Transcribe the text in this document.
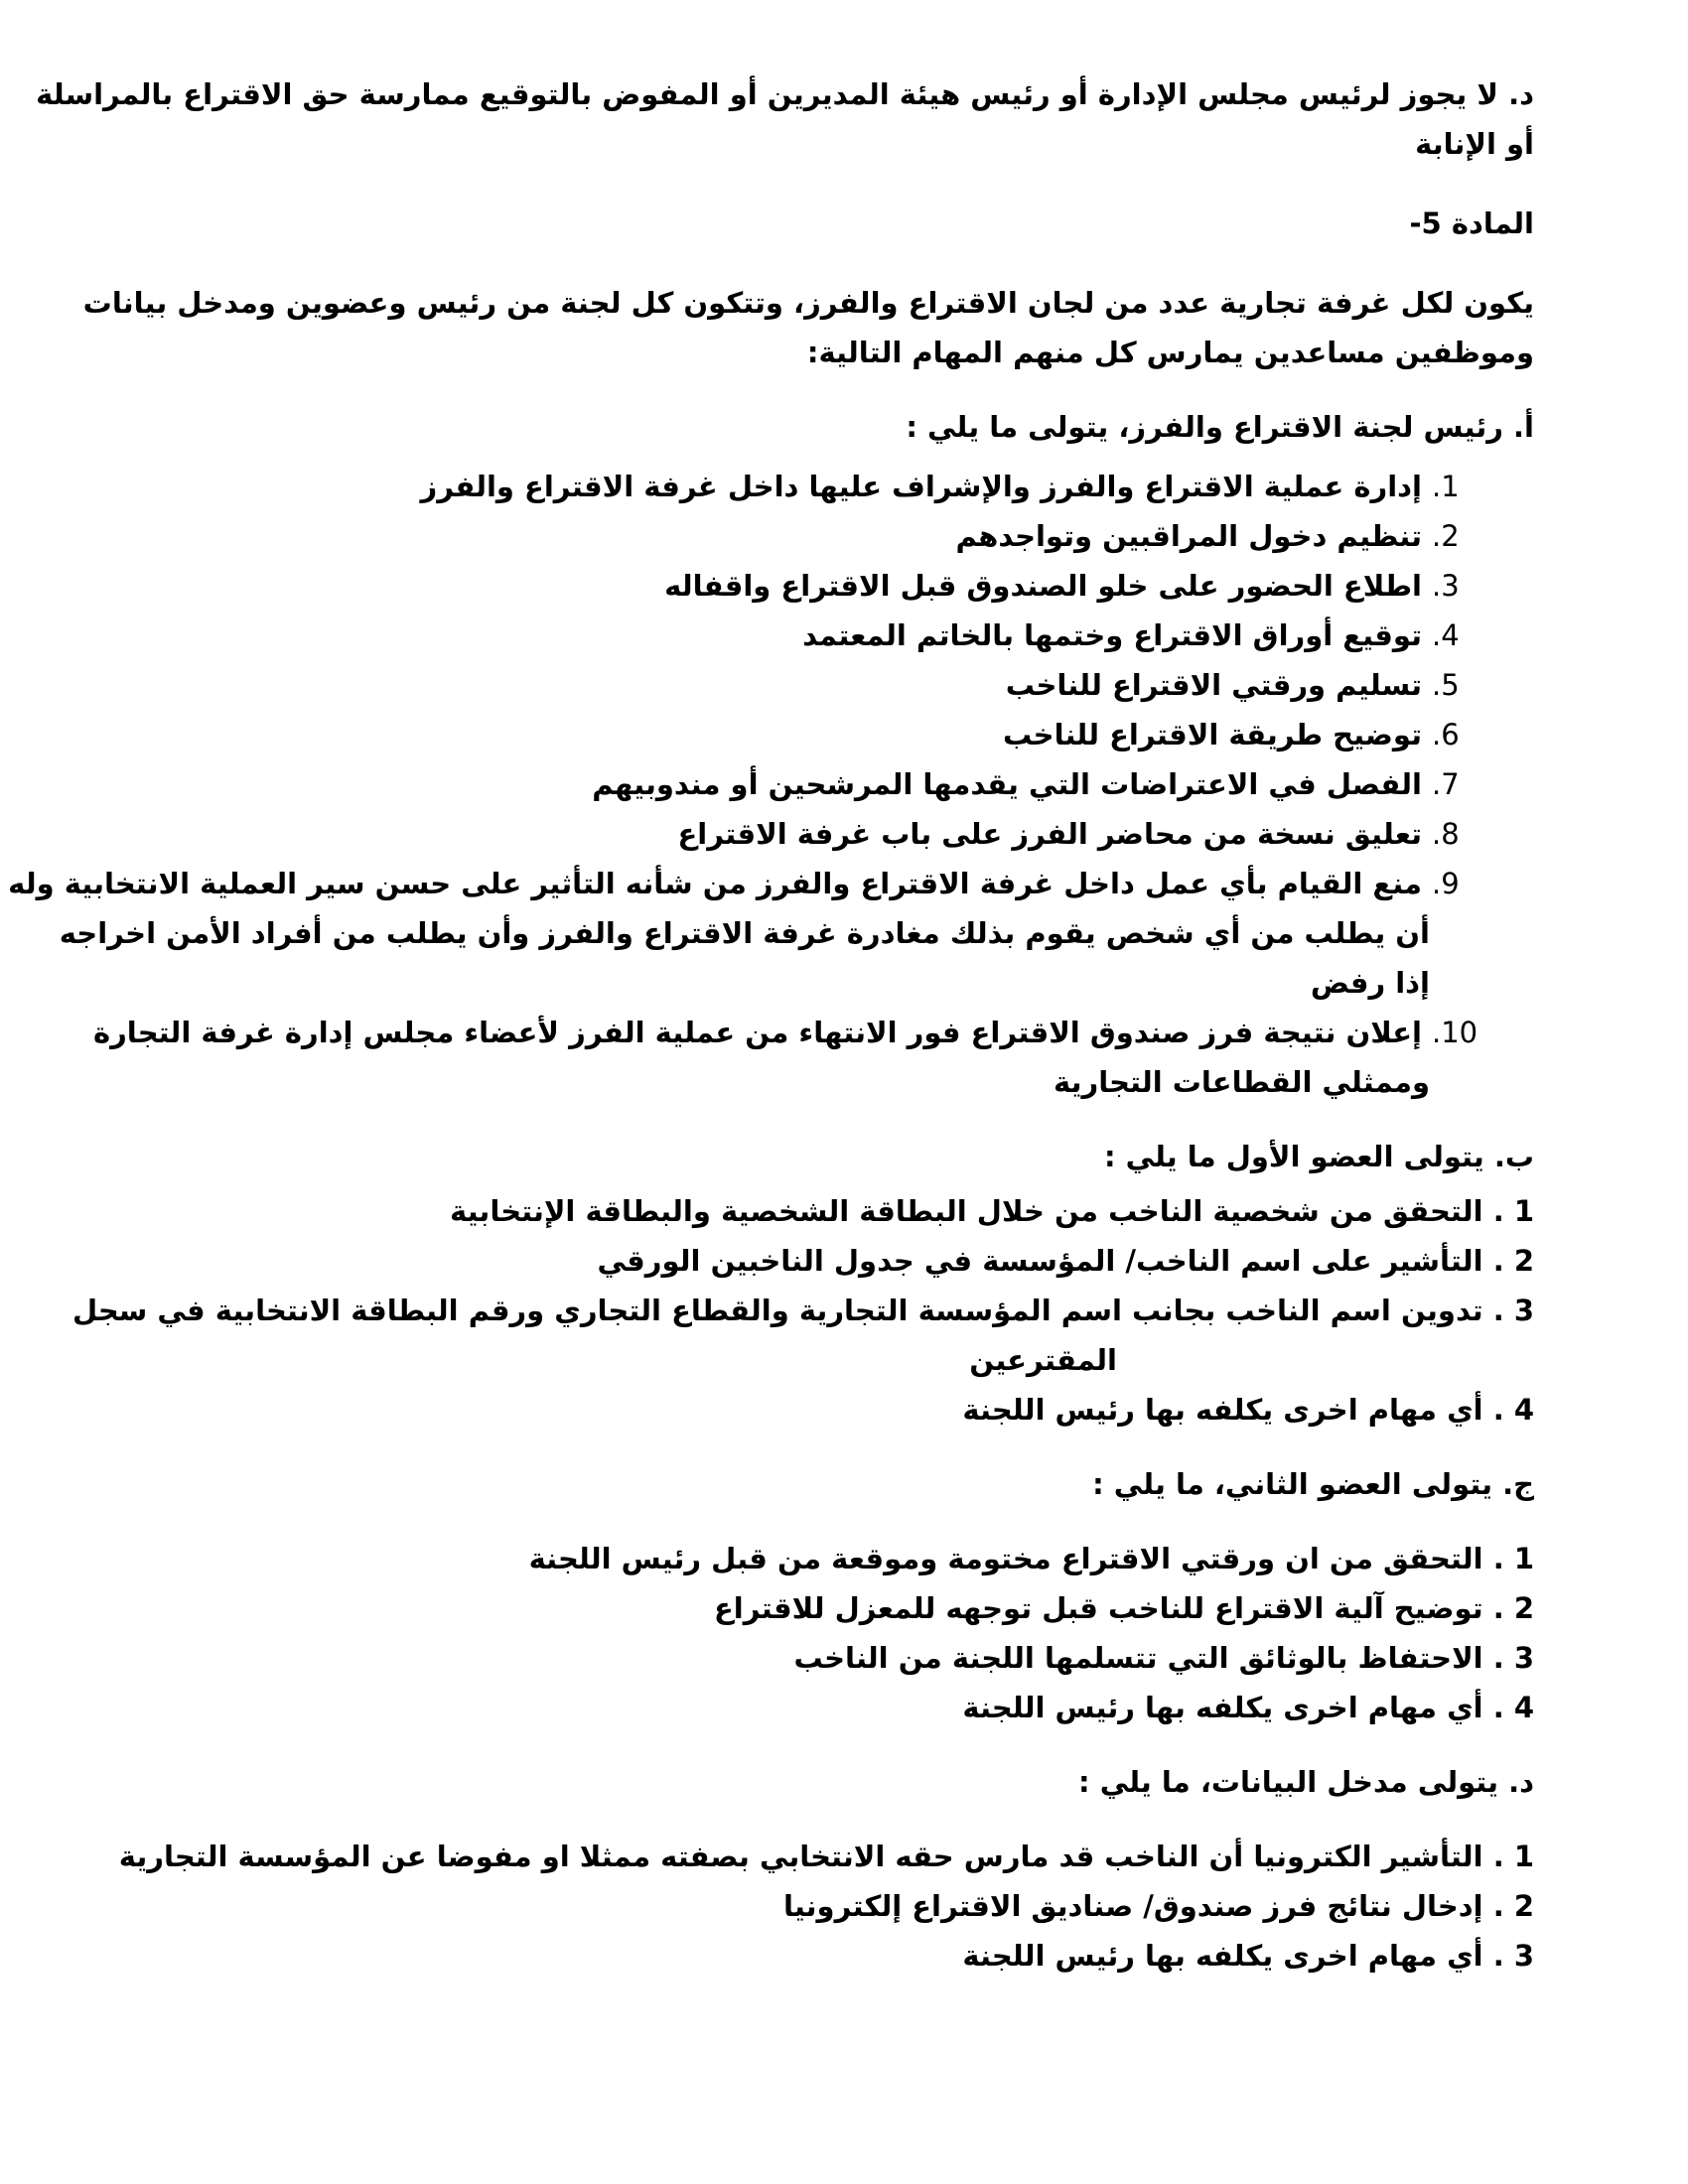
د. لا يجوز لرئيس مجلس الإدارة أو رئيس هيئة المديرين أو المفوض بالتوقيع ممارسة حق الاقتراع بالمراسلة
أو الإنابة
المادة 5-
يكون لكل غرفة تجارية عدد من لجان الاقتراع والفرز، وتتكون كل لجنة من رئيس وعضوين ومدخل بيانات
وموظفين مساعدين يمارس كل منهم المهام التالية:
أ. رئيس لجنة الاقتراع والفرز، يتولى ما يلي :
.1إدارة عملية الاقتراع والفرز والإشراف عليها داخل غرفة الاقتراع والفرز
.2تنظيم دخول المراقبين وتواجدهم
.3اطلاع الحضور على خلو الصندوق قبل الاقتراع واقفاله
.4توقيع أوراق الاقتراع وختمها بالخاتم المعتمد
.5تسليم ورقتي الاقتراع للناخب
.6توضيح طريقة الاقتراع للناخب
.7الفصل في الاعتراضات التي يقدمها المرشحين أو مندوبيهم
.8تعليق نسخة من محاضر الفرز على باب غرفة الاقتراع
.9منع القيام بأي عمل داخل غرفة الاقتراع والفرز من شأنه التأثير على حسن سير العملية الانتخابية وله
أن يطلب من أي شخص يقوم بذلك مغادرة غرفة الاقتراع والفرز وأن يطلب من أفراد الأمن اخراجه
إذا رفض
.10إعلان نتيجة فرز صندوق الاقتراع فور الانتهاء من عملية الفرز لأعضاء مجلس إدارة غرفة التجارة
وممثلي القطاعات التجارية
ب. يتولى العضو الأول ما يلي :
1 . التحقق من شخصية الناخب من خلال البطاقة الشخصية والبطاقة الإنتخابية
2 . التأشير على اسم الناخب/ المؤسسة في جدول الناخبين الورقي
3 . تدوين اسم الناخب بجانب اسم المؤسسة التجارية والقطاع التجاري ورقم البطاقة الانتخابية في سجل
المقترعين
4 . أي مهام اخرى يكلفه بها رئيس اللجنة
ج. يتولى العضو الثاني، ما يلي :
1 . التحقق من ان ورقتي الاقتراع مختومة وموقعة من قبل رئيس اللجنة
2 . توضيح آلية الاقتراع للناخب قبل توجهه للمعزل للاقتراع
3 . الاحتفاظ بالوثائق التي تتسلمها اللجنة من الناخب
4 . أي مهام اخرى يكلفه بها رئيس اللجنة
د. يتولى مدخل البيانات، ما يلي :
1 . التأشير الكترونيا أن الناخب قد مارس حقه الانتخابي بصفته ممثلا او مفوضا عن المؤسسة التجارية
2 . إدخال نتائج فرز صندوق/ صناديق الاقتراع إلكترونيا
3 . أي مهام اخرى يكلفه بها رئيس اللجنة
